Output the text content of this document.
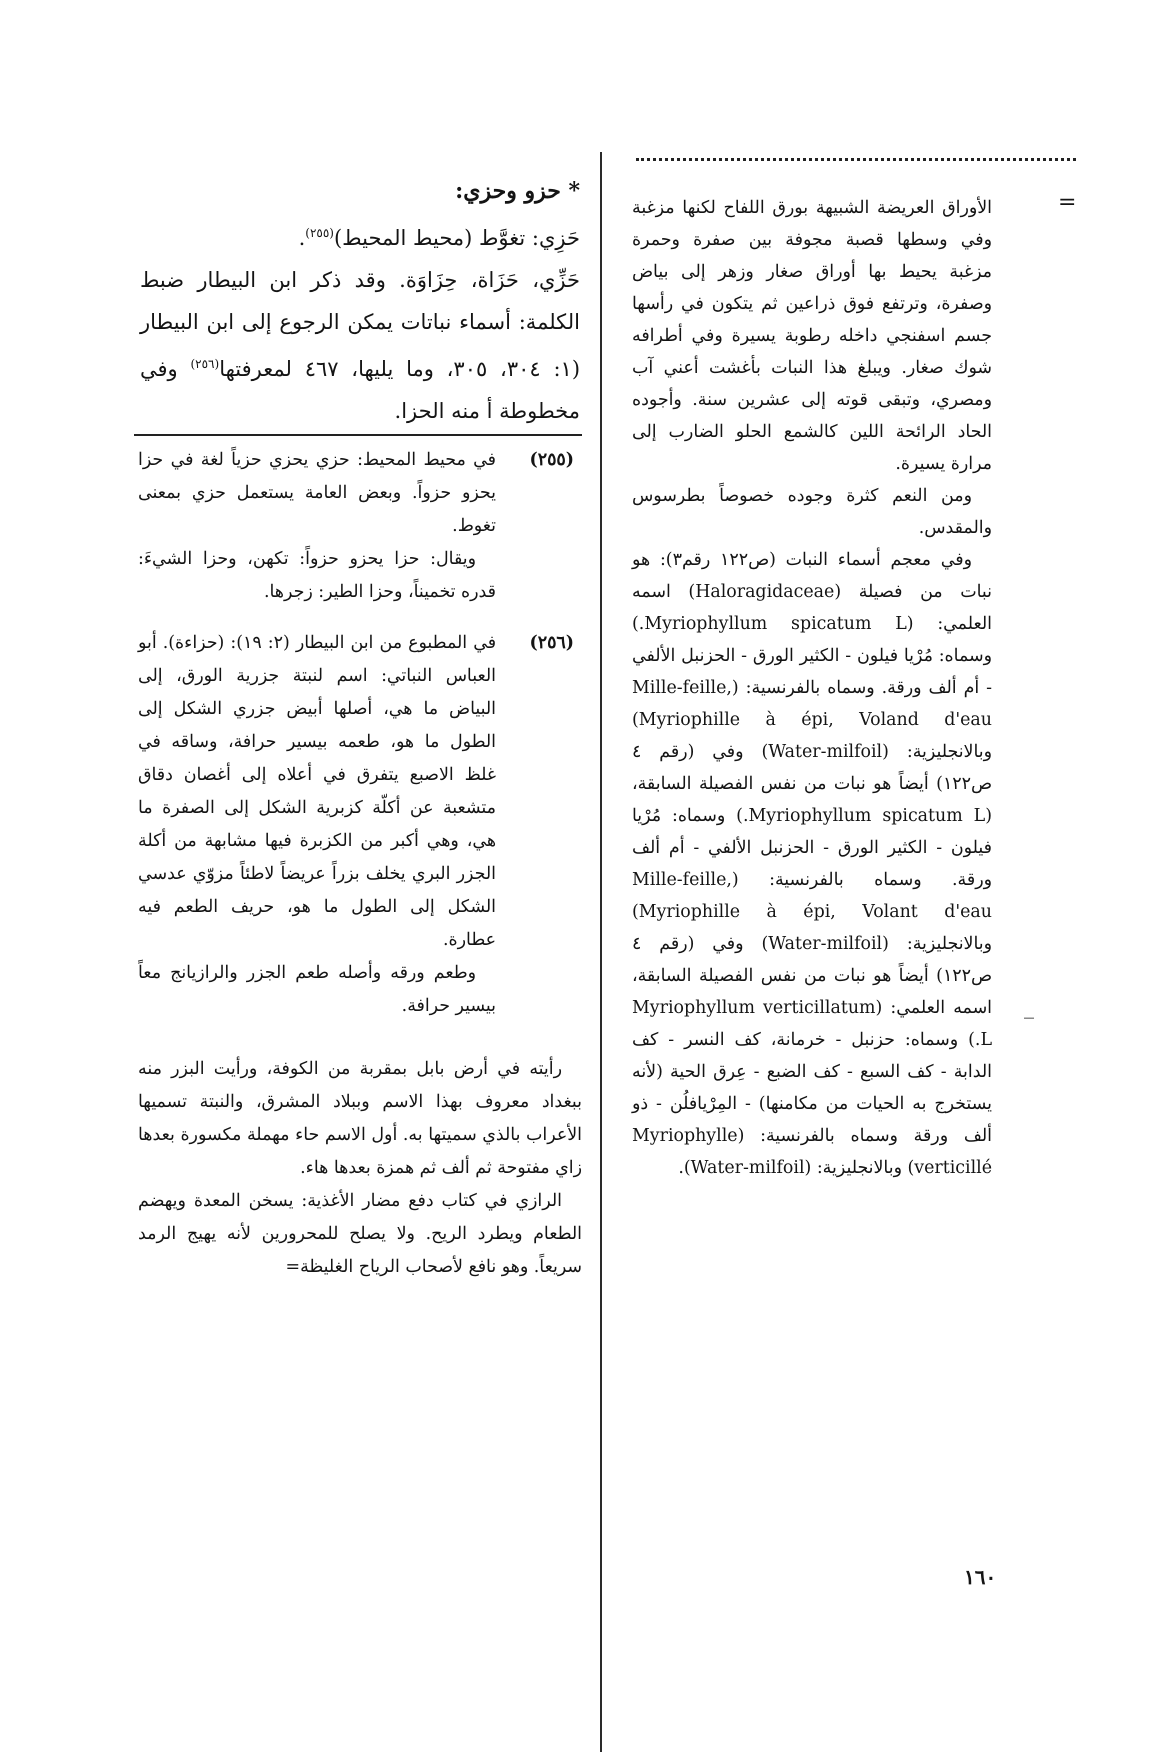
=
_

الأوراق العريضة الشبيهة بورق اللفاح لكنها مزغبة وفي وسطها قصبة مجوفة بين صفرة وحمرة مزغبة يحيط بها أوراق صغار وزهر إلى بياض وصفرة، وترتفع فوق ذراعين ثم يتكون في رأسها جسم اسفنجي داخله رطوبة يسيرة وفي أطرافه شوك صغار. ويبلغ هذا النبات بأغشت أعني آب ومصري، وتبقى قوته إلى عشرين سنة. وأجوده الحاد الرائحة اللين كالشمع الحلو الضارب إلى مرارة يسيرة.

ومن النعم كثرة وجوده خصوصاً بطرسوس والمقدس.

وفي معجم أسماء النبات (ص١٢٢ رقم٣): هو نبات من فصيلة (Haloragidaceae) اسمه العلمي: (Myriophyllum spicatum L.) وسماه: مُرْيا فيلون - الكثير الورق - الحزنبل الألفي - أم ألف ورقة. وسماه بالفرنسية: (Mille-feille, Myriophille à épi, Voland d'eau) وبالانجليزية: (Water-milfoil) وفي (رقم ٤ ص١٢٢) أيضاً هو نبات من نفس الفصيلة السابقة، (Myriophyllum spicatum L.) وسماه: مُرْيا فيلون - الكثير الورق - الحزنبل الألفي - أم ألف ورقة. وسماه بالفرنسية: (Mille-feille, Myriophille à épi, Volant d'eau) وبالانجليزية: (Water-milfoil) وفي (رقم ٤ ص١٢٢) أيضاً هو نبات من نفس الفصيلة السابقة، اسمه العلمي: (Myriophyllum verticillatum L.) وسماه: حزنبل - خرمانة، كف النسر - كف الدابة - كف السبع - كف الضبع - عِرق الحية (لأنه يستخرج به الحيات من مكامنها) - المِرْيافلُن - ذو ألف ورقة وسماه بالفرنسية: (Myriophylle verticillé) وبالانجليزية: (Water-milfoil).

* حزو وحزي:

حَزِي: تغوَّط (محيط المحيط)$^{(٢٥٥)}$.

حَزِّي، حَزَاة، حِزَاوَة. وقد ذكر ابن البيطار ضبط الكلمة: أسماء نباتات يمكن الرجوع إلى ابن البيطار (١: ٣٠٤، ٣٠٥، وما يليها، ٤٦٧ لمعرفتها$^{(٢٥٦)}$ وفي مخطوطة أ منه الحزا.

(٢٥٥)

في محيط المحيط: حزي يحزي حزياً لغة في حزا يحزو حزواً. وبعض العامة يستعمل حزي بمعنى تغوط.

ويقال: حزا يحزو حزواً: تكهن، وحزا الشيءَ: قدره تخميناً، وحزا الطير: زجرها.

(٢٥٦)

في المطبوع من ابن البيطار (٢: ١٩): (حزاءة). أبو العباس النباتي: اسم لنبتة جزرية الورق، إلى البياض ما هي، أصلها أبيض جزري الشكل إلى الطول ما هو، طعمه بيسير حرافة، وساقه في غلظ الاصبع يتفرق في أعلاه إلى أغصان دقاق متشعبة عن أكلّة كزبرية الشكل إلى الصفرة ما هي، وهي أكبر من الكزبرة فيها مشابهة من أكلة الجزر البري يخلف بزراً عريضاً لاطئاً مزوّي عدسي الشكل إلى الطول ما هو، حريف الطعم فيه عطارة.

وطعم ورقه وأصله طعم الجزر والرازيانج معاً بيسير حرافة.

رأيته في أرض بابل بمقربة من الكوفة، ورأيت البزر منه ببغداد معروف بهذا الاسم وببلاد المشرق، والنبتة تسميها الأعراب بالذي سميتها به. أول الاسم حاء مهملة مكسورة بعدها زاي مفتوحة ثم ألف ثم همزة بعدها هاء.

الرازي في كتاب دفع مضار الأغذية: يسخن المعدة ويهضم الطعام ويطرد الريح. ولا يصلح للمحرورين لأنه يهيج الرمد سريعاً. وهو نافع لأصحاب الرياح الغليظة=

١٦٠
